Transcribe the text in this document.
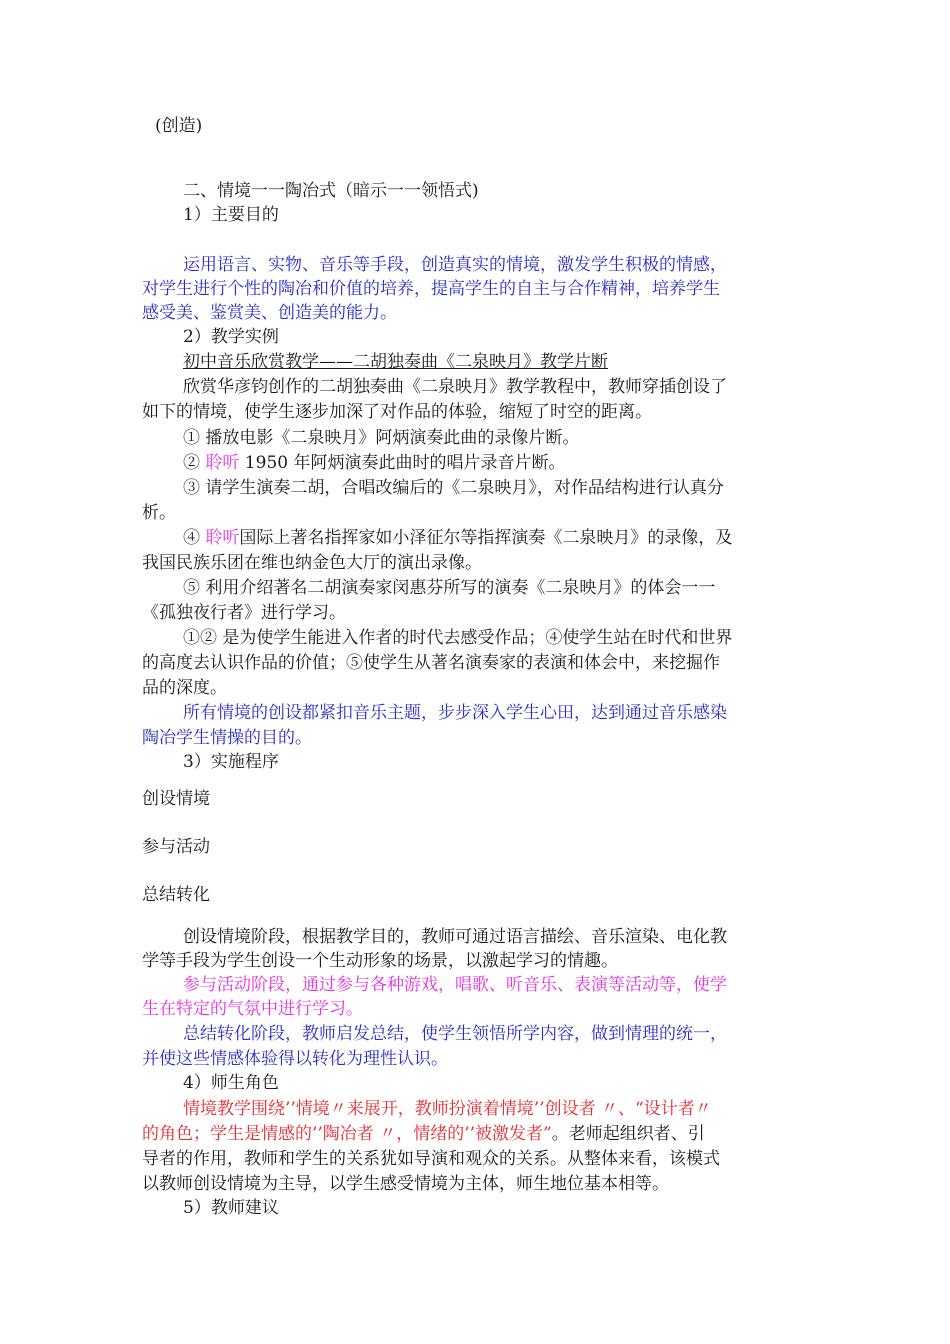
(创造)
二、情境一一陶冶式（暗示一一领悟式)
1）主要目的
运用语言、实物、音乐等手段，创造真实的情境，激发学生积极的情感，
对学生进行个性的陶冶和价值的培养，提高学生的自主与合作精神，培养学生
感受美、鉴赏美、创造美的能力。
2）教学实例
初中音乐欣赏教学——二胡独奏曲《二泉映月》教学片断
欣赏华彦钧创作的二胡独奏曲《二泉映月》教学教程中，教师穿插创设了
如下的情境，使学生逐步加深了对作品的体验，缩短了时空的距离。
① 播放电影《二泉映月》阿炳演奏此曲的录像片断。
② 聆听 1950 年阿炳演奏此曲时的唱片录音片断。
③ 请学生演奏二胡，合唱改编后的《二泉映月》，对作品结构进行认真分
析。
④ 聆听国际上著名指挥家如小泽征尔等指挥演奏《二泉映月》的录像，及
我国民族乐团在维也纳金色大厅的演出录像。
⑤ 利用介绍著名二胡演奏家闵惠芬所写的演奏《二泉映月》的体会一一
《孤独夜行者》进行学习。
①② 是为使学生能进入作者的时代去感受作品；④使学生站在时代和世界
的高度去认识作品的价值；⑤使学生从著名演奏家的表演和体会中，来挖掘作
品的深度。
所有情境的创设都紧扣音乐主题，步步深入学生心田，达到通过音乐感染
陶冶学生情操的目的。
3）实施程序
创设情境
参与活动
总结转化
创设情境阶段，根据教学目的，教师可通过语言描绘、音乐渲染、电化教
学等手段为学生创设一个生动形象的场景，以激起学习的情趣。
参与活动阶段，通过参与各种游戏，唱歌、听音乐、表演等活动等，使学
生在特定的气氛中进行学习。
总结转化阶段，教师启发总结，使学生领悟所学内容，做到情理的统一，
并使这些情感体验得以转化为理性认识。
4）师生角色
情境教学围绕’’情境〃来展开，教师扮演着情境’’创设者 〃、“设计者〃
的角色；学生是情感的’’陶冶者 〃，情绪的’’被激发者”。老师起组织者、引
导者的作用，教师和学生的关系犹如导演和观众的关系。从整体来看，该模式
以教师创设情境为主导，以学生感受情境为主体，师生地位基本相等。
5）教师建议
